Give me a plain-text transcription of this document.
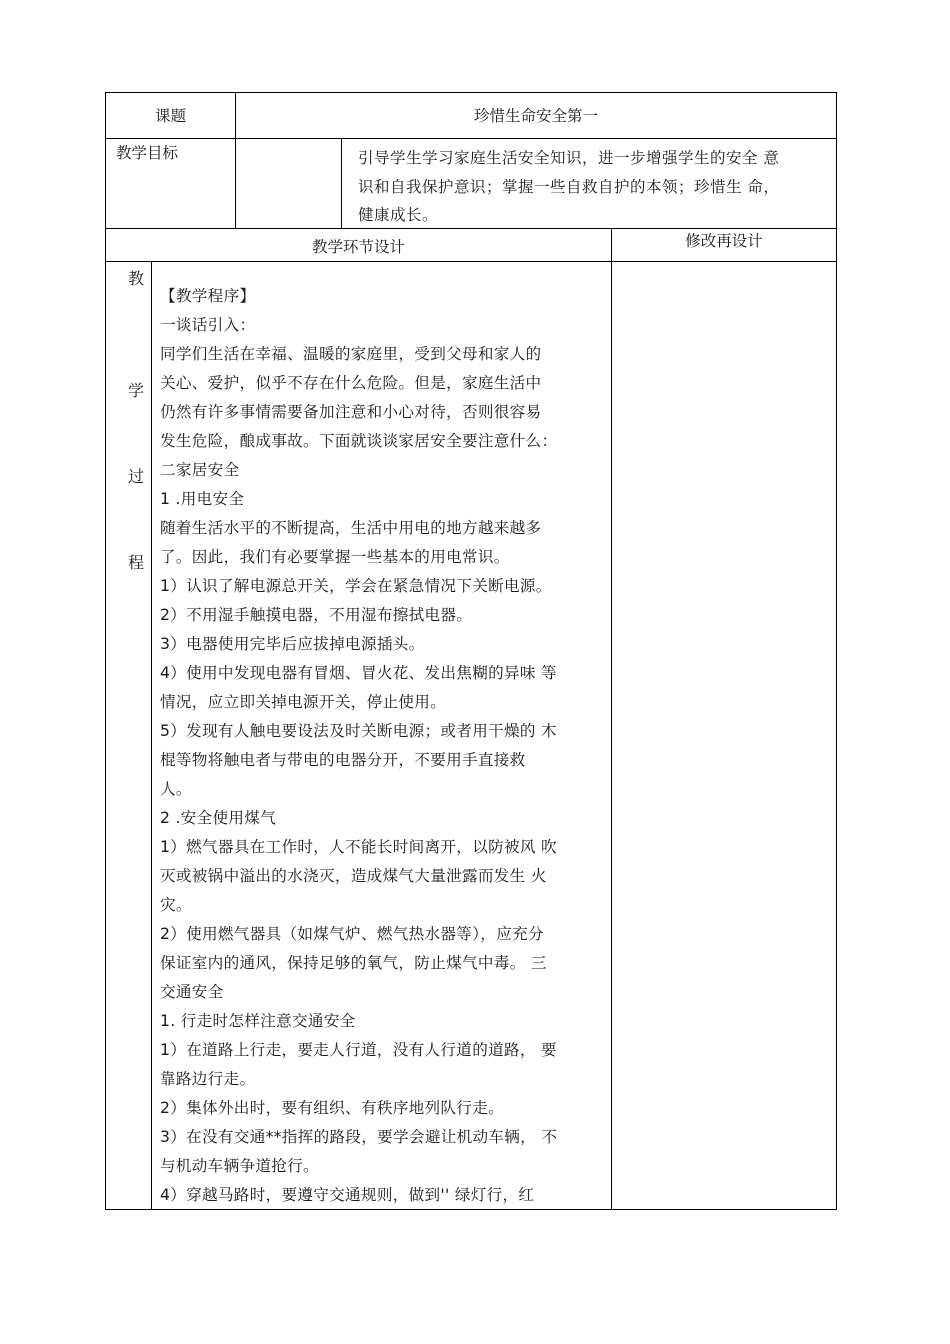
课题	珍惜生命安全第一
教学目标	引导学生学习家庭生活安全知识，进一步增强学生的安全 意
识和自我保护意识；掌握一些自救自护的本领；珍惜生 命，
健康成长。
教学环节设计	修改再设计
教
学
过
程
【教学程序】
一谈话引入：
同学们生活在幸福、温暖的家庭里，受到父母和家人的
关心、爱护，似乎不存在什么危险。但是，家庭生活中
仍然有许多事情需要备加注意和小心对待，否则很容易
发生危险，酿成事故。下面就谈谈家居安全要注意什么：
二家居安全
1 .用电安全
随着生活水平的不断提高，生活中用电的地方越来越多
了。因此，我们有必要掌握一些基本的用电常识。
1）认识了解电源总开关，学会在紧急情况下关断电源。
2）不用湿手触摸电器，不用湿布擦拭电器。
3）电器使用完毕后应拔掉电源插头。
4）使用中发现电器有冒烟、冒火花、发出焦糊的异味 等
情况，应立即关掉电源开关，停止使用。
5）发现有人触电要设法及时关断电源；或者用干燥的 木
棍等物将触电者与带电的电器分开，不要用手直接救
人。
2 .安全使用煤气
1）燃气器具在工作时，人不能长时间离开，以防被风 吹
灭或被锅中溢出的水浇灭，造成煤气大量泄露而发生 火
灾。
2）使用燃气器具（如煤气炉、燃气热水器等），应充分
保证室内的通风，保持足够的氧气，防止煤气中毒。 三
交通安全
1. 行走时怎样注意交通安全
1）在道路上行走，要走人行道，没有人行道的道路， 要
靠路边行走。
2）集体外出时，要有组织、有秩序地列队行走。
3）在没有交通**指挥的路段，要学会避让机动车辆， 不
与机动车辆争道抢行。
4）穿越马路时，要遵守交通规则，做到'' 绿灯行，红
